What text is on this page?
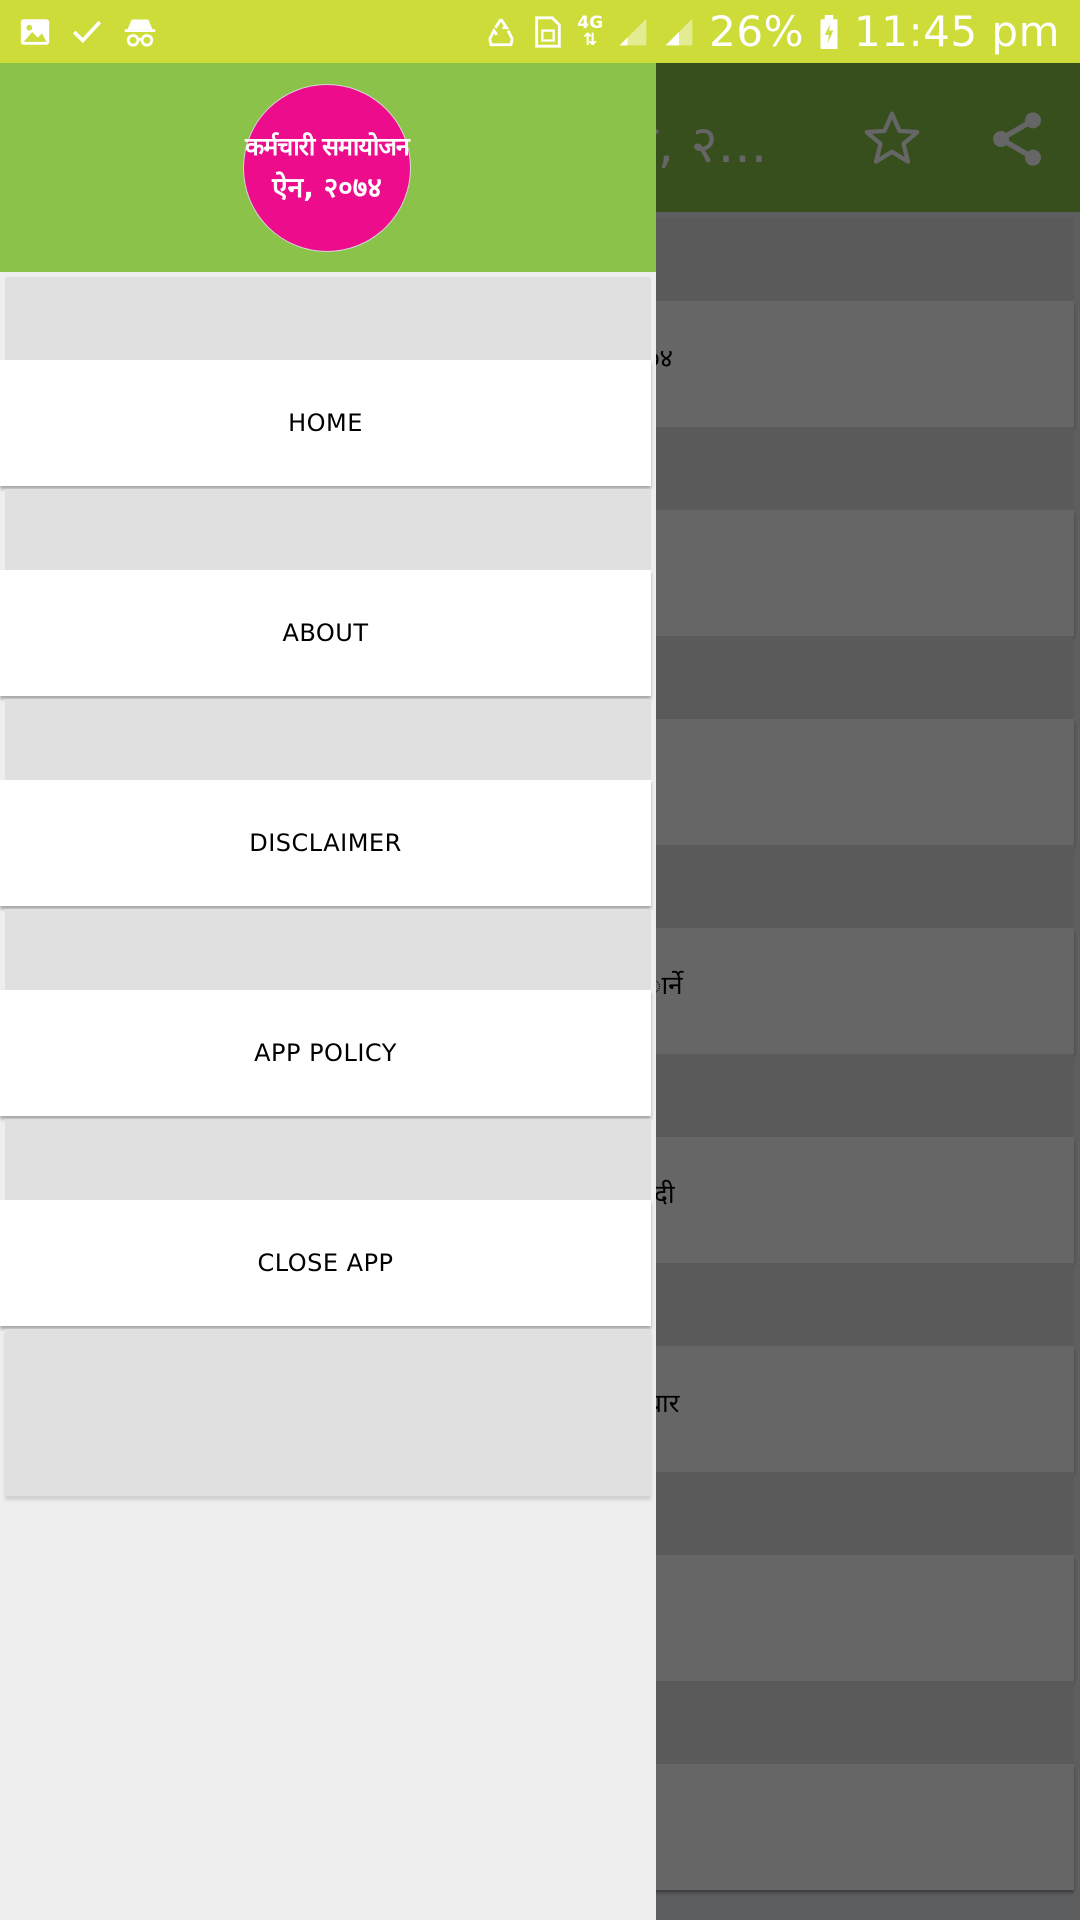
4G
⇅	26% 11:45 pm
कर्मचारी समायोजन
ऐन, २०७४
HOME
ABOUT
DISCLAIMER
APP POLICY
CLOSE APP
